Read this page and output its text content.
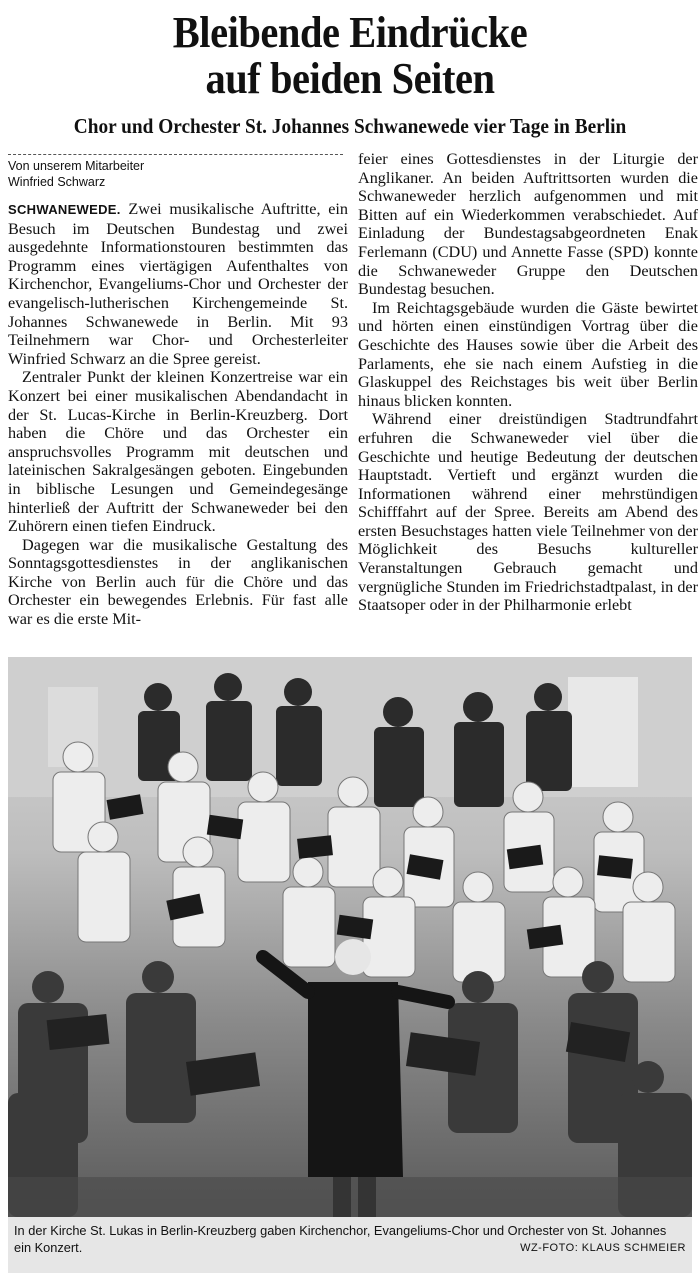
Bleibende Eindrücke
auf beiden Seiten
Chor und Orchester St. Johannes Schwanewede vier Tage in Berlin
Von unserem Mitarbeiter
Winfried Schwarz

SCHWANEWEDE. Zwei musikalische Auftritte, ein Besuch im Deutschen Bundestag und zwei ausgedehnte Informationstouren bestimmten das Programm eines viertägigen Aufenthaltes von Kirchenchor, Evangeliums-Chor und Orchester der evangelisch-lutherischen Kirchengemeinde St. Johannes Schwanewede in Berlin. Mit 93 Teilnehmern war Chor- und Orchesterleiter Winfried Schwarz an die Spree gereist.

Zentraler Punkt der kleinen Konzertreise war ein Konzert bei einer musikalischen Abendandacht in der St. Lucas-Kirche in Berlin-Kreuzberg. Dort haben die Chöre und das Orchester ein anspruchsvolles Programm mit deutschen und lateinischen Sakralgesängen geboten. Eingebunden in biblische Lesungen und Gemeindegesänge hinterließ der Auftritt der Schwaneweder bei den Zuhörern einen tiefen Eindruck.

Dagegen war die musikalische Gestaltung des Sonntagsgottesdienstes in der anglikanischen Kirche von Berlin auch für die Chöre und das Orchester ein bewegendes Erlebnis. Für fast alle war es die erste Mit-

feier eines Gottesdienstes in der Liturgie der Anglikaner. An beiden Auftrittsorten wurden die Schwaneweder herzlich aufgenommen und mit Bitten auf ein Wiederkommen verabschiedet. Auf Einladung der Bundestagsabgeordneten Enak Ferlemann (CDU) und Annette Fasse (SPD) konnte die Schwaneweder Gruppe den Deutschen Bundestag besuchen.

Im Reichtagsgebäude wurden die Gäste bewirtet und hörten einen einstündigen Vortrag über die Geschichte des Hauses sowie über die Arbeit des Parlaments, ehe sie nach einem Aufstieg in die Glaskuppel des Reichstages bis weit über Berlin hinaus blicken konnten.

Während einer dreistündigen Stadtrundfahrt erfuhren die Schwaneweder viel über die Geschichte und heutige Bedeutung der deutschen Hauptstadt. Vertieft und ergänzt wurden die Informationen während einer mehrstündigen Schifffahrt auf der Spree. Bereits am Abend des ersten Besuchstages hatten viele Teilnehmer von der Möglichkeit des Besuchs kultureller Veranstaltungen Gebrauch gemacht und vergnügliche Stunden im Friedrichstadtpalast, in der Staatsoper oder in der Philharmonie erlebt

In der Kirche St. Lukas in Berlin-Kreuzberg gaben Kirchenchor, Evangeliums-Chor und Orchester von St. Johannes ein Konzert.	WZ-FOTO: KLAUS SCHMEIER
